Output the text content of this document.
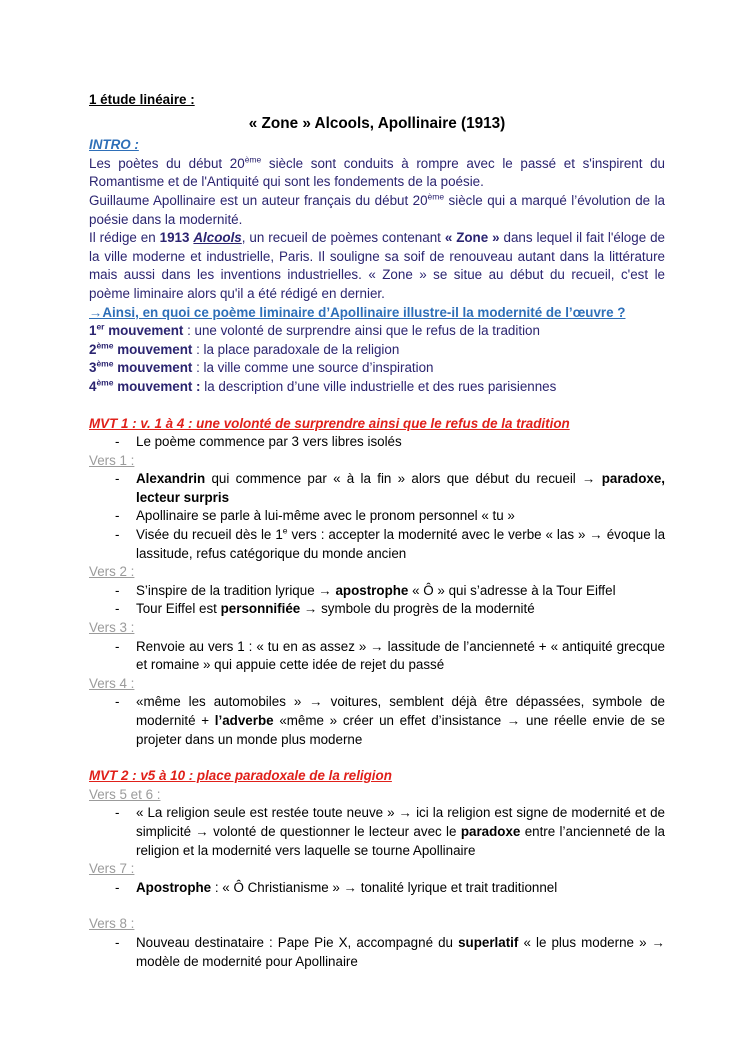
1 étude linéaire :

« Zone » Alcools, Apollinaire (1913)

INTRO :

Les poètes du début 20ème siècle sont conduits à rompre avec le passé et s'inspirent du Romantisme et de l'Antiquité qui sont les fondements de la poésie.

Guillaume Apollinaire est un auteur français du début 20ème siècle qui a marqué l’évolution de la poésie dans la modernité.

Il rédige en 1913 Alcools, un recueil de poèmes contenant « Zone » dans lequel il fait l'éloge de la ville moderne et industrielle, Paris. Il souligne sa soif de renouveau autant dans la littérature mais aussi dans les inventions industrielles. « Zone » se situe au début du recueil, c'est le poème liminaire alors qu'il a été rédigé en dernier.

→Ainsi, en quoi ce poème liminaire d’Apollinaire illustre-il la modernité de l’œuvre ?

1er mouvement : une volonté de surprendre ainsi que le refus de la tradition

2ème mouvement : la place paradoxale de la religion

3ème mouvement : la ville comme une source d’inspiration

4ème mouvement : la description d’une ville industrielle et des rues parisiennes

MVT 1 : v. 1 à 4 : une volonté de surprendre ainsi que le refus de la tradition

- Le poème commence par 3 vers libres isolés

Vers 1 :

- Alexandrin qui commence par « à la fin » alors que début du recueil → paradoxe, lecteur surpris
- Apollinaire se parle à lui-même avec le pronom personnel « tu »
- Visée du recueil dès le 1e vers : accepter la modernité avec le verbe « las » → évoque la lassitude, refus catégorique du monde ancien

Vers 2 :

- S’inspire de la tradition lyrique → apostrophe « Ô » qui s’adresse à la Tour Eiffel
- Tour Eiffel est personnifiée → symbole du progrès de la modernité

Vers 3 :

- Renvoie au vers 1 : « tu en as assez » → lassitude de l’ancienneté + « antiquité grecque et romaine » qui appuie cette idée de rejet du passé

Vers 4 :

- «même les automobiles » → voitures, semblent déjà être dépassées, symbole de modernité + l’adverbe «même » créer un effet d’insistance → une réelle envie de se projeter dans un monde plus moderne

MVT 2 : v5 à 10 : place paradoxale de la religion

Vers 5 et 6 :

- « La religion seule est restée toute neuve » → ici la religion est signe de modernité et de simplicité → volonté de questionner le lecteur avec le paradoxe entre l’ancienneté de la religion et la modernité vers laquelle se tourne Apollinaire

Vers 7 :

- Apostrophe : « Ô Christianisme » → tonalité lyrique et trait traditionnel

Vers 8 :

- Nouveau destinataire : Pape Pie X, accompagné du superlatif « le plus moderne » → modèle de modernité pour Apollinaire
